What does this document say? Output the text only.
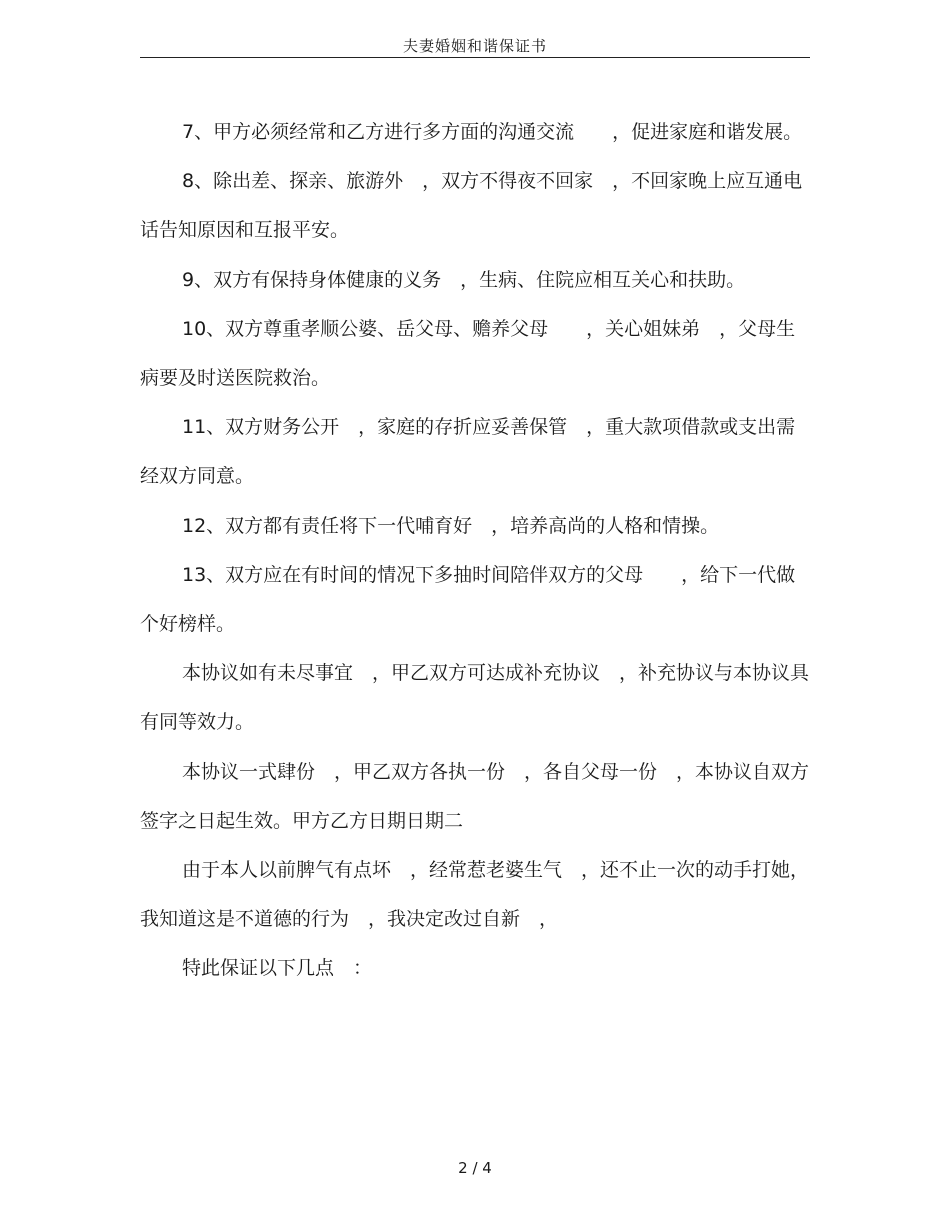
夫妻婚姻和谐保证书

7、甲方必须经常和乙方进行多方面的沟通交流　　，促进家庭和谐发展。

8、除出差、探亲、旅游外　，双方不得夜不回家　，不回家晚上应互通电话告知原因和互报平安。

9、双方有保持身体健康的义务　，生病、住院应相互关心和扶助。

10、双方尊重孝顺公婆、岳父母、赡养父母　　，关心姐妹弟　，父母生病要及时送医院救治。

11、双方财务公开　，家庭的存折应妥善保管　，重大款项借款或支出需经双方同意。

12、双方都有责任将下一代哺育好　，培养高尚的人格和情操。

13、双方应在有时间的情况下多抽时间陪伴双方的父母　　，给下一代做个好榜样。

本协议如有未尽事宜　，甲乙双方可达成补充协议　，补充协议与本协议具有同等效力。

本协议一式肆份　，甲乙双方各执一份　，各自父母一份　，本协议自双方签字之日起生效。甲方乙方日期日期二

由于本人以前脾气有点坏　，经常惹老婆生气　，还不止一次的动手打她，我知道这是不道德的行为　，我决定改过自新　，

特此保证以下几点　：

2 / 4
